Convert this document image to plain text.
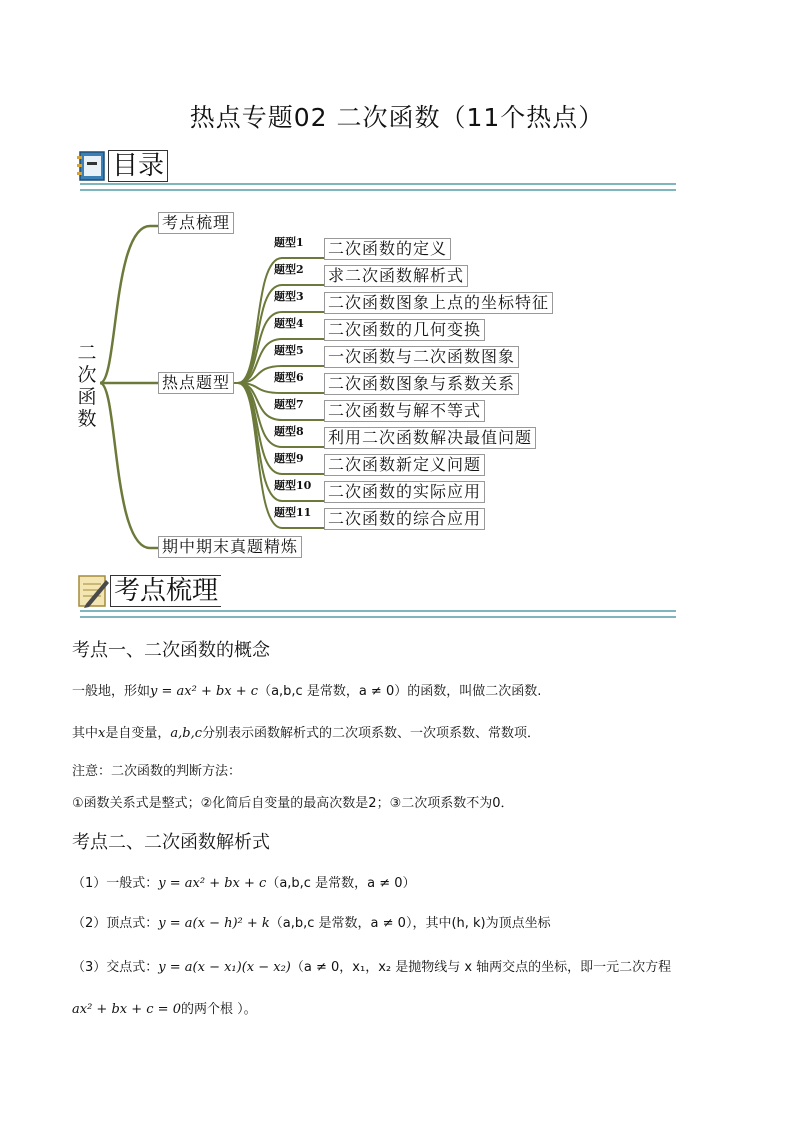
热点专题02 二次函数（11个热点）
目录
二次函数
考点梳理
热点题型
期中期末真题精炼
题型1 二次函数的定义
题型2 求二次函数解析式
题型3 二次函数图象上点的坐标特征
题型4 二次函数的几何变换
题型5 一次函数与二次函数图象
题型6 二次函数图象与系数关系
题型7 二次函数与解不等式
题型8 利用二次函数解决最值问题
题型9 二次函数新定义问题
题型10 二次函数的实际应用
题型11 二次函数的综合应用
考点梳理
考点一、二次函数的概念
一般地，形如y = ax² + bx + c（a,b,c 是常数，a ≠ 0）的函数，叫做二次函数.
其中x是自变量，a,b,c分别表示函数解析式的二次项系数、一次项系数、常数项．
注意：二次函数的判断方法：
①函数关系式是整式；②化简后自变量的最高次数是2；③二次项系数不为0．
考点二、二次函数解析式
（1）一般式：y = ax² + bx + c（a,b,c 是常数，a ≠ 0）
（2）顶点式：y = a(x − h)² + k（a,b,c 是常数，a ≠ 0），其中(h, k)为顶点坐标
（3）交点式：y = a(x − x₁)(x − x₂)（a ≠ 0，x₁，x₂ 是抛物线与 x 轴两交点的坐标，即一元二次方程
ax² + bx + c = 0的两个根 ）。
